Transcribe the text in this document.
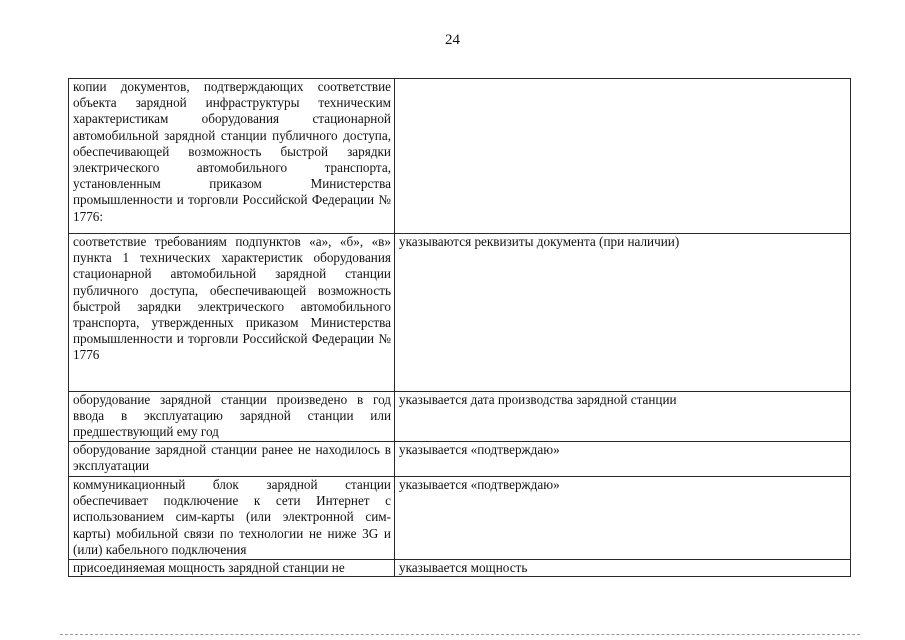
24
копии документов, подтверждающих соответствие объекта зарядной инфраструктуры техническим характеристикам оборудования стационарной автомобильной зарядной станции публичного доступа, обеспечивающей возможность быстрой зарядки электрического автомобильного транспорта, установленным приказом Министерства промышленности и торговли Российской Федерации № 1776:	

соответствие требованиям подпунктов «а», «б», «в» пункта 1 технических характеристик оборудования стационарной автомобильной зарядной станции публичного доступа, обеспечивающей возможность быстрой зарядки электрического автомобильного транспорта, утвержденных приказом Министерства промышленности и торговли Российской Федерации № 1776	указываются реквизиты документа (при наличии)

оборудование зарядной станции произведено в год ввода в эксплуатацию зарядной станции или предшествующий ему год	указывается дата производства зарядной станции

оборудование зарядной станции ранее не находилось в эксплуатации	указывается «подтверждаю»

коммуникационный блок зарядной станции обеспечивает подключение к сети Интернет с использованием сим-карты (или электронной сим-карты) мобильной связи по технологии не ниже 3G и (или) кабельного подключения	указывается «подтверждаю»

присоединяемая мощность зарядной станции не	указывается мощность
